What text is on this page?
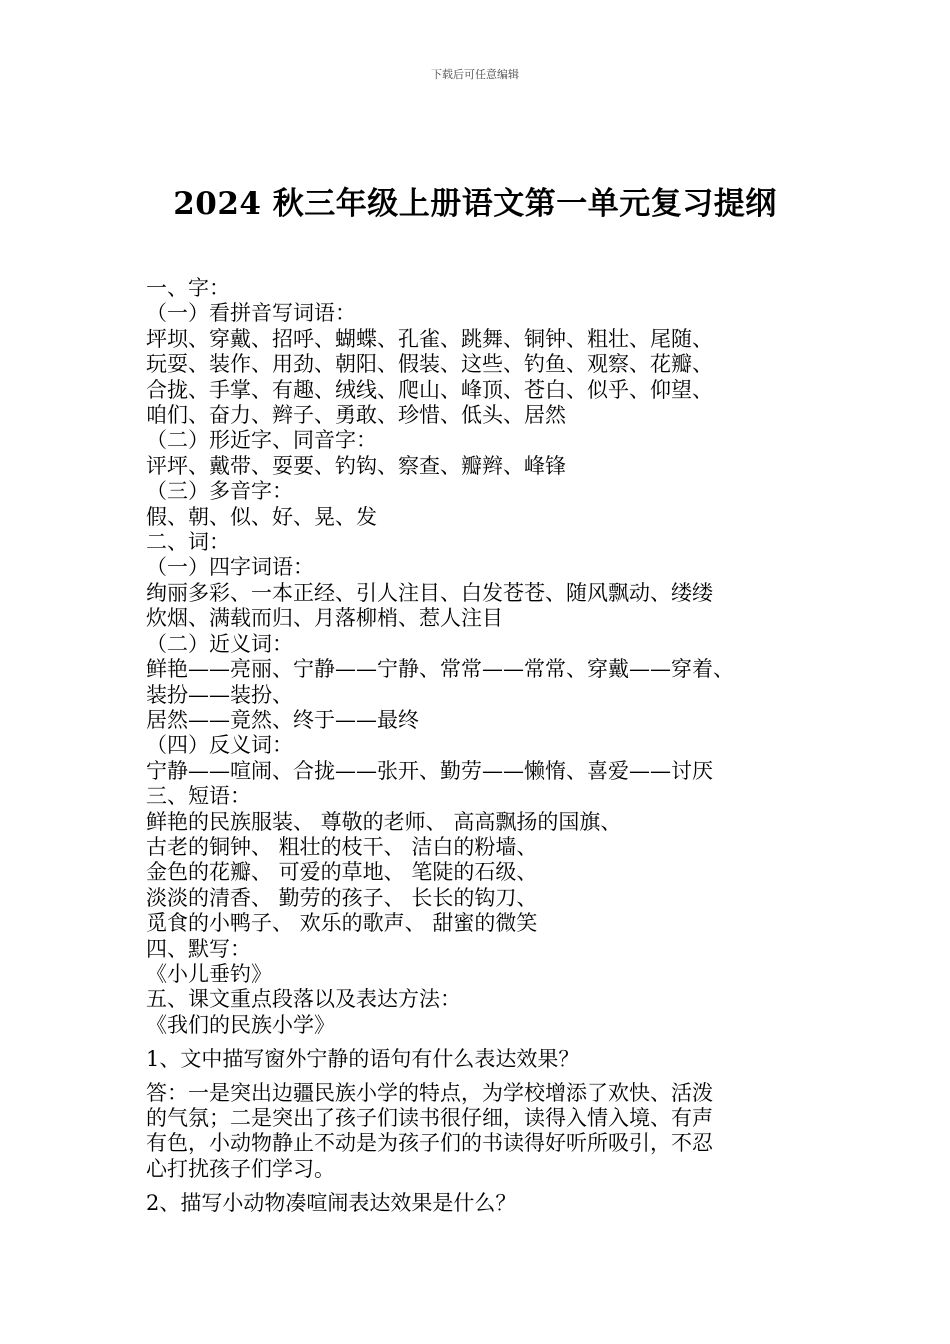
下载后可任意编辑
2024 秋三年级上册语文第一单元复习提纲
一、字：
（一）看拼音写词语：
坪坝、穿戴、招呼、蝴蝶、孔雀、跳舞、铜钟、粗壮、尾随、
玩耍、装作、用劲、朝阳、假装、这些、钓鱼、观察、花瓣、
合拢、手掌、有趣、绒线、爬山、峰顶、苍白、似乎、仰望、
咱们、奋力、辫子、勇敢、珍惜、低头、居然
（二）形近字、同音字：
评坪、戴带、耍要、钓钩、察查、瓣辫、峰锋
（三）多音字：
假、朝、似、好、晃、发
二、词：
（一）四字词语：
绚丽多彩、一本正经、引人注目、白发苍苍、随风飘动、缕缕
炊烟、满载而归、月落柳梢、惹人注目
（二）近义词：
鲜艳——亮丽、宁静——宁静、常常——常常、穿戴——穿着、
装扮——装扮、
居然——竟然、终于——最终
（四）反义词：
宁静——喧闹、合拢——张开、勤劳——懒惰、喜爱——讨厌
三、短语：
鲜艳的民族服装、 尊敬的老师、 高高飘扬的国旗、
古老的铜钟、 粗壮的枝干、 洁白的粉墙、
金色的花瓣、 可爱的草地、 笔陡的石级、
淡淡的清香、 勤劳的孩子、 长长的钩刀、
觅食的小鸭子、 欢乐的歌声、 甜蜜的微笑
四、默写：
《小儿垂钓》
五、课文重点段落以及表达方法：
《我们的民族小学》
1、文中描写窗外宁静的语句有什么表达效果？
答：一是突出边疆民族小学的特点，为学校增添了欢快、活泼
的气氛；二是突出了孩子们读书很仔细，读得入情入境、有声
有色，小动物静止不动是为孩子们的书读得好听所吸引，不忍
心打扰孩子们学习。
2、描写小动物凑喧闹表达效果是什么？
